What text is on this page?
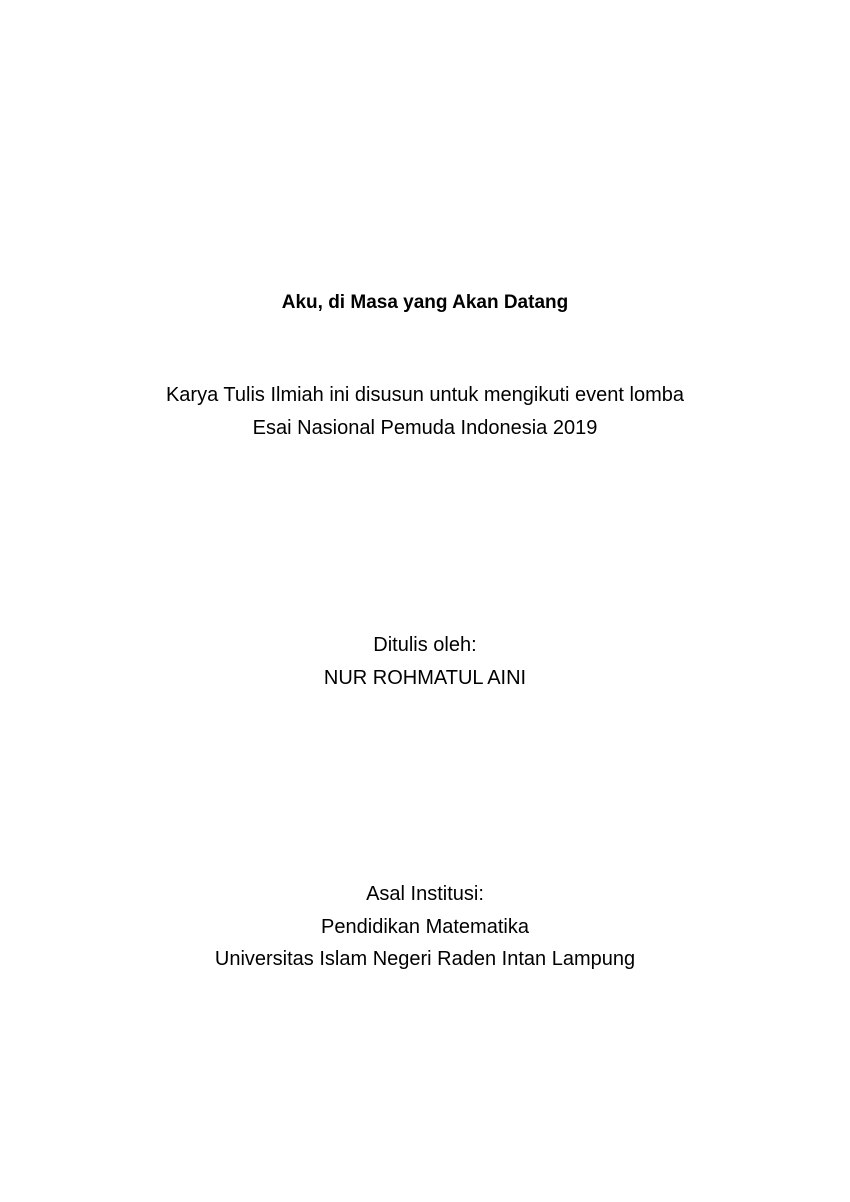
Aku, di Masa yang Akan Datang
Karya Tulis Ilmiah ini disusun untuk mengikuti event lomba
Esai Nasional Pemuda Indonesia 2019
Ditulis oleh:
NUR ROHMATUL AINI
Asal Institusi:
Pendidikan Matematika
Universitas Islam Negeri Raden Intan Lampung
